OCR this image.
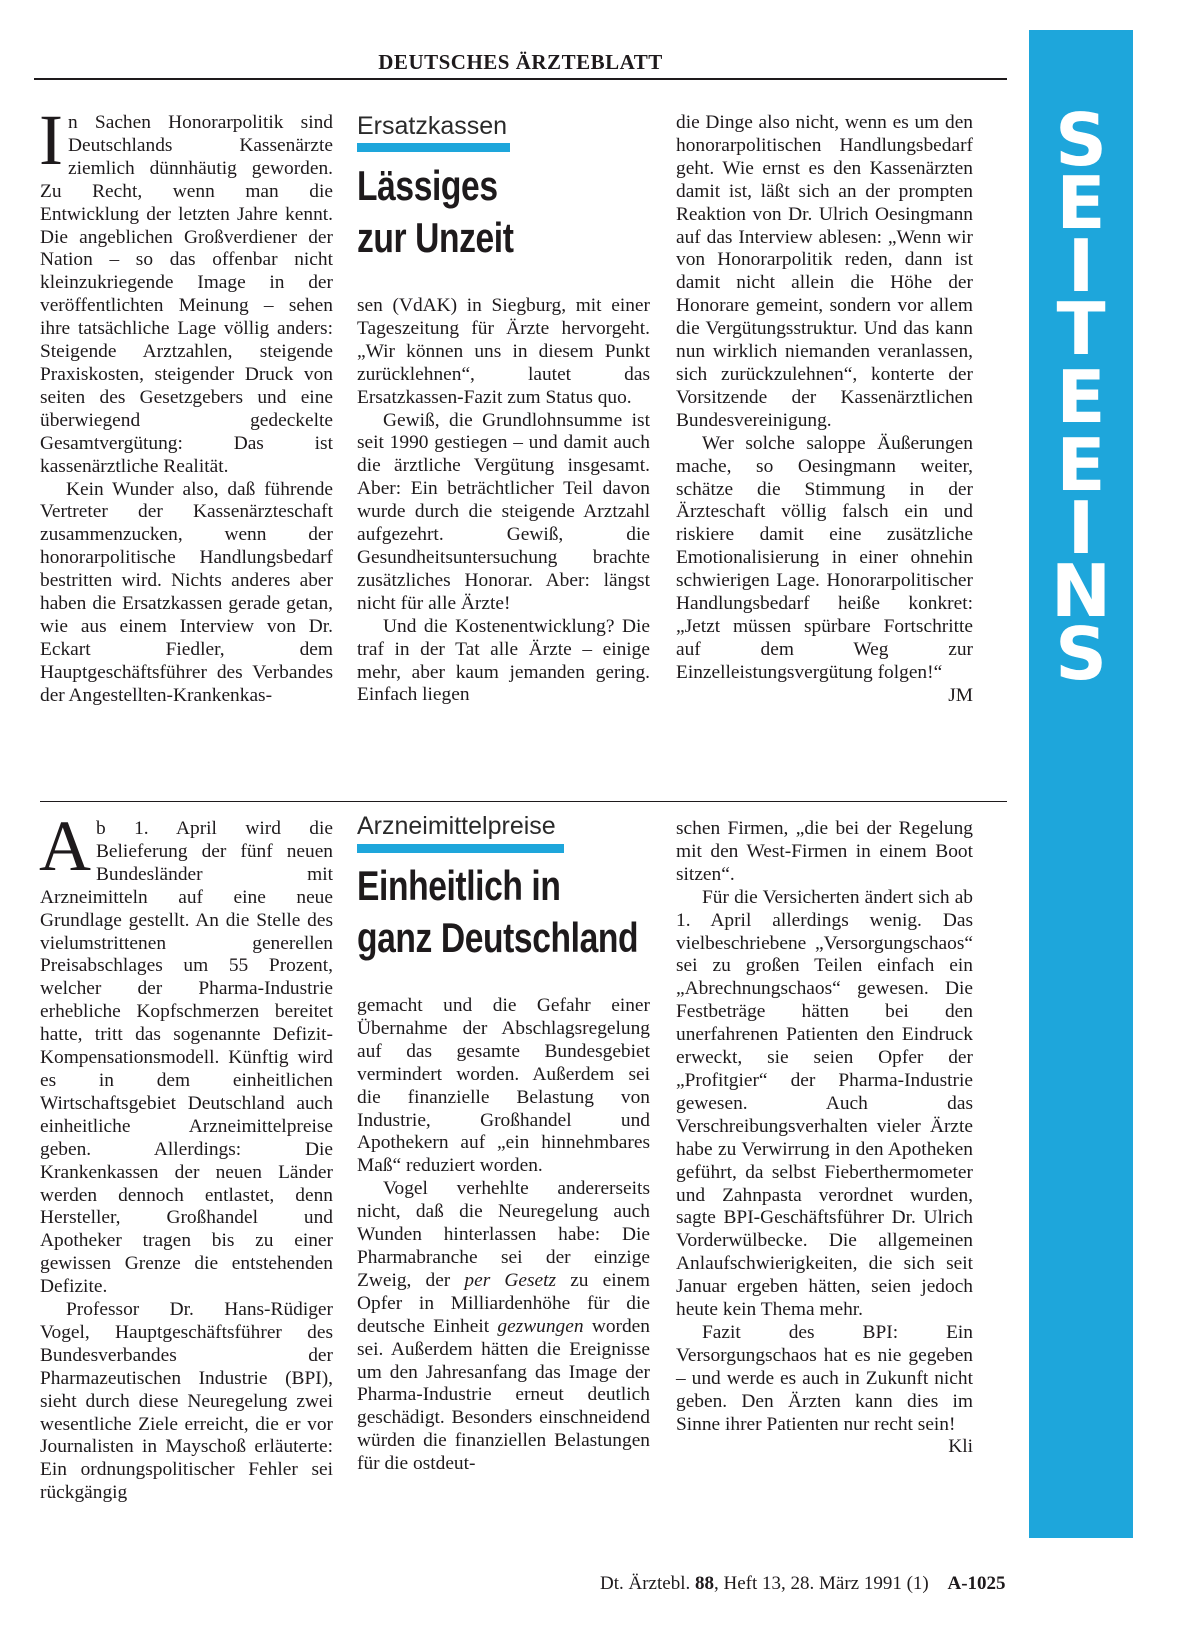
S
E
I
T
E
E
I
N
S
DEUTSCHES ÄRZTEBLATT

In Sachen Honorarpolitik sind Deutschlands Kassenärzte ziemlich dünnhäutig geworden. Zu Recht, wenn man die Entwicklung der letzten Jahre kennt. Die angeblichen Großverdiener der Nation – so das offenbar nicht kleinzukriegende Image in der veröffentlichten Meinung – sehen ihre tatsächliche Lage völlig anders: Steigende Arztzahlen, steigende Praxiskosten, steigender Druck von seiten des Gesetzgebers und eine überwiegend gedeckelte Gesamtvergütung: Das ist kassenärztliche Realität.

Kein Wunder also, daß führende Vertreter der Kassenärzteschaft zusammenzucken, wenn der honorarpolitische Handlungsbedarf bestritten wird. Nichts anderes aber haben die Ersatzkassen gerade getan, wie aus einem Interview von Dr. Eckart Fiedler, dem Hauptgeschäftsführer des Verbandes der Angestellten-Krankenkas-

Ersatzkassen
Lässiges
zur Unzeit

sen (VdAK) in Siegburg, mit einer Tageszeitung für Ärzte hervorgeht. „Wir können uns in diesem Punkt zurücklehnen“, lautet das Ersatzkassen-Fazit zum Status quo.

Gewiß, die Grundlohnsumme ist seit 1990 gestiegen – und damit auch die ärztliche Vergütung insgesamt. Aber: Ein beträchtlicher Teil davon wurde durch die steigende Arztzahl aufgezehrt. Gewiß, die Gesundheitsuntersuchung brachte zusätzliches Honorar. Aber: längst nicht für alle Ärzte!

Und die Kostenentwicklung? Die traf in der Tat alle Ärzte – einige mehr, aber kaum jemanden gering. Einfach liegen

die Dinge also nicht, wenn es um den honorarpolitischen Handlungsbedarf geht. Wie ernst es den Kassenärzten damit ist, läßt sich an der prompten Reaktion von Dr. Ulrich Oesingmann auf das Interview ablesen: „Wenn wir von Honorarpolitik reden, dann ist damit nicht allein die Höhe der Honorare gemeint, sondern vor allem die Vergütungsstruktur. Und das kann nun wirklich niemanden veranlassen, sich zurückzulehnen“, konterte der Vorsitzende der Kassenärztlichen Bundesvereinigung.

Wer solche saloppe Äußerungen mache, so Oesingmann weiter, schätze die Stimmung in der Ärzteschaft völlig falsch ein und riskiere damit eine zusätzliche Emotionalisierung in einer ohnehin schwierigen Lage. Honorarpolitischer Handlungsbedarf heiße konkret: „Jetzt müssen spürbare Fortschritte auf dem Weg zur Einzelleistungsvergütung folgen!“
JM

Ab 1. April wird die Belieferung der fünf neuen Bundesländer mit Arzneimitteln auf eine neue Grundlage gestellt. An die Stelle des vielumstrittenen generellen Preisabschlages um 55 Prozent, welcher der Pharma-Industrie erhebliche Kopfschmerzen bereitet hatte, tritt das sogenannte Defizit-Kompensationsmodell. Künftig wird es in dem einheitlichen Wirtschaftsgebiet Deutschland auch einheitliche Arzneimittelpreise geben. Allerdings: Die Krankenkassen der neuen Länder werden dennoch entlastet, denn Hersteller, Großhandel und Apotheker tragen bis zu einer gewissen Grenze die entstehenden Defizite.

Professor Dr. Hans-Rüdiger Vogel, Hauptgeschäftsführer des Bundesverbandes der Pharmazeutischen Industrie (BPI), sieht durch diese Neuregelung zwei wesentliche Ziele erreicht, die er vor Journalisten in Mayschoß erläuterte: Ein ordnungspolitischer Fehler sei rückgängig

Arzneimittelpreise
Einheitlich in
ganz Deutschland

gemacht und die Gefahr einer Übernahme der Abschlagsregelung auf das gesamte Bundesgebiet vermindert worden. Außerdem sei die finanzielle Belastung von Industrie, Großhandel und Apothekern auf „ein hinnehmbares Maß“ reduziert worden.

Vogel verhehlte andererseits nicht, daß die Neuregelung auch Wunden hinterlassen habe: Die Pharmabranche sei der einzige Zweig, der per Gesetz zu einem Opfer in Milliardenhöhe für die deutsche Einheit gezwungen worden sei. Außerdem hätten die Ereignisse um den Jahresanfang das Image der Pharma-Industrie erneut deutlich geschädigt. Besonders einschneidend würden die finanziellen Belastungen für die ostdeut-

schen Firmen, „die bei der Regelung mit den West-Firmen in einem Boot sitzen“.

Für die Versicherten ändert sich ab 1. April allerdings wenig. Das vielbeschriebene „Versorgungschaos“ sei zu großen Teilen einfach ein „Abrechnungschaos“ gewesen. Die Festbeträge hätten bei den unerfahrenen Patienten den Eindruck erweckt, sie seien Opfer der „Profitgier“ der Pharma-Industrie gewesen. Auch das Verschreibungsverhalten vieler Ärzte habe zu Verwirrung in den Apotheken geführt, da selbst Fieberthermometer und Zahnpasta verordnet wurden, sagte BPI-Geschäftsführer Dr. Ulrich Vorderwülbecke. Die allgemeinen Anlaufschwierigkeiten, die sich seit Januar ergeben hätten, seien jedoch heute kein Thema mehr.

Fazit des BPI: Ein Versorgungschaos hat es nie gegeben – und werde es auch in Zukunft nicht geben. Den Ärzten kann dies im Sinne ihrer Patienten nur recht sein!
Kli

Dt. Ärztebl. 88, Heft 13, 28. März 1991 (1) A-1025
